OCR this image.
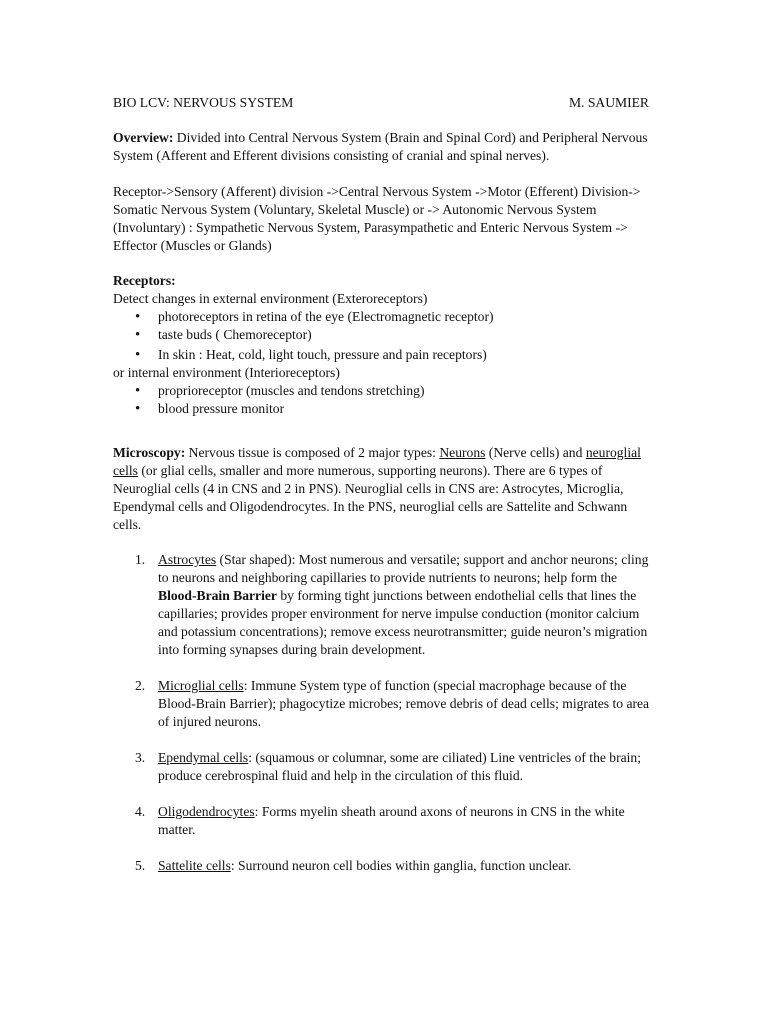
BIO LCV: NERVOUS SYSTEM	M. SAUMIER

Overview: Divided into Central Nervous System (Brain and Spinal Cord) and Peripheral Nervous System (Afferent and Efferent divisions consisting of cranial and spinal nerves).

Receptor->Sensory (Afferent) division ->Central Nervous System ->Motor (Efferent) Division-> Somatic Nervous System (Voluntary, Skeletal Muscle) or -> Autonomic Nervous System (Involuntary) : Sympathetic Nervous System, Parasympathetic and Enteric Nervous System -> Effector (Muscles or Glands)

Receptors:

Detect changes in external environment (Exteroreceptors)

• photoreceptors in retina of the eye (Electromagnetic receptor)
• taste buds ( Chemoreceptor)
• In skin : Heat, cold, light touch, pressure and pain receptors)

or internal environment (Interioreceptors)

• proprioreceptor (muscles and tendons stretching)
• blood pressure monitor

Microscopy: Nervous tissue is composed of 2 major types: Neurons (Nerve cells) and neuroglial cells (or glial cells, smaller and more numerous, supporting neurons). There are 6 types of Neuroglial cells (4 in CNS and 2 in PNS). Neuroglial cells in CNS are: Astrocytes, Microglia, Ependymal cells and Oligodendrocytes. In the PNS, neuroglial cells are Sattelite and Schwann cells.

1. Astrocytes (Star shaped): Most numerous and versatile; support and anchor neurons; cling to neurons and neighboring capillaries to provide nutrients to neurons; help form the Blood-Brain Barrier by forming tight junctions between endothelial cells that lines the capillaries; provides proper environment for nerve impulse conduction (monitor calcium and potassium concentrations); remove excess neurotransmitter; guide neuron’s migration into forming synapses during brain development.

2. Microglial cells: Immune System type of function (special macrophage because of the Blood-Brain Barrier); phagocytize microbes; remove debris of dead cells; migrates to area of injured neurons.

3. Ependymal cells: (squamous or columnar, some are ciliated) Line ventricles of the brain; produce cerebrospinal fluid and help in the circulation of this fluid.

4. Oligodendrocytes: Forms myelin sheath around axons of neurons in CNS in the white matter.

5. Sattelite cells: Surround neuron cell bodies within ganglia, function unclear.
